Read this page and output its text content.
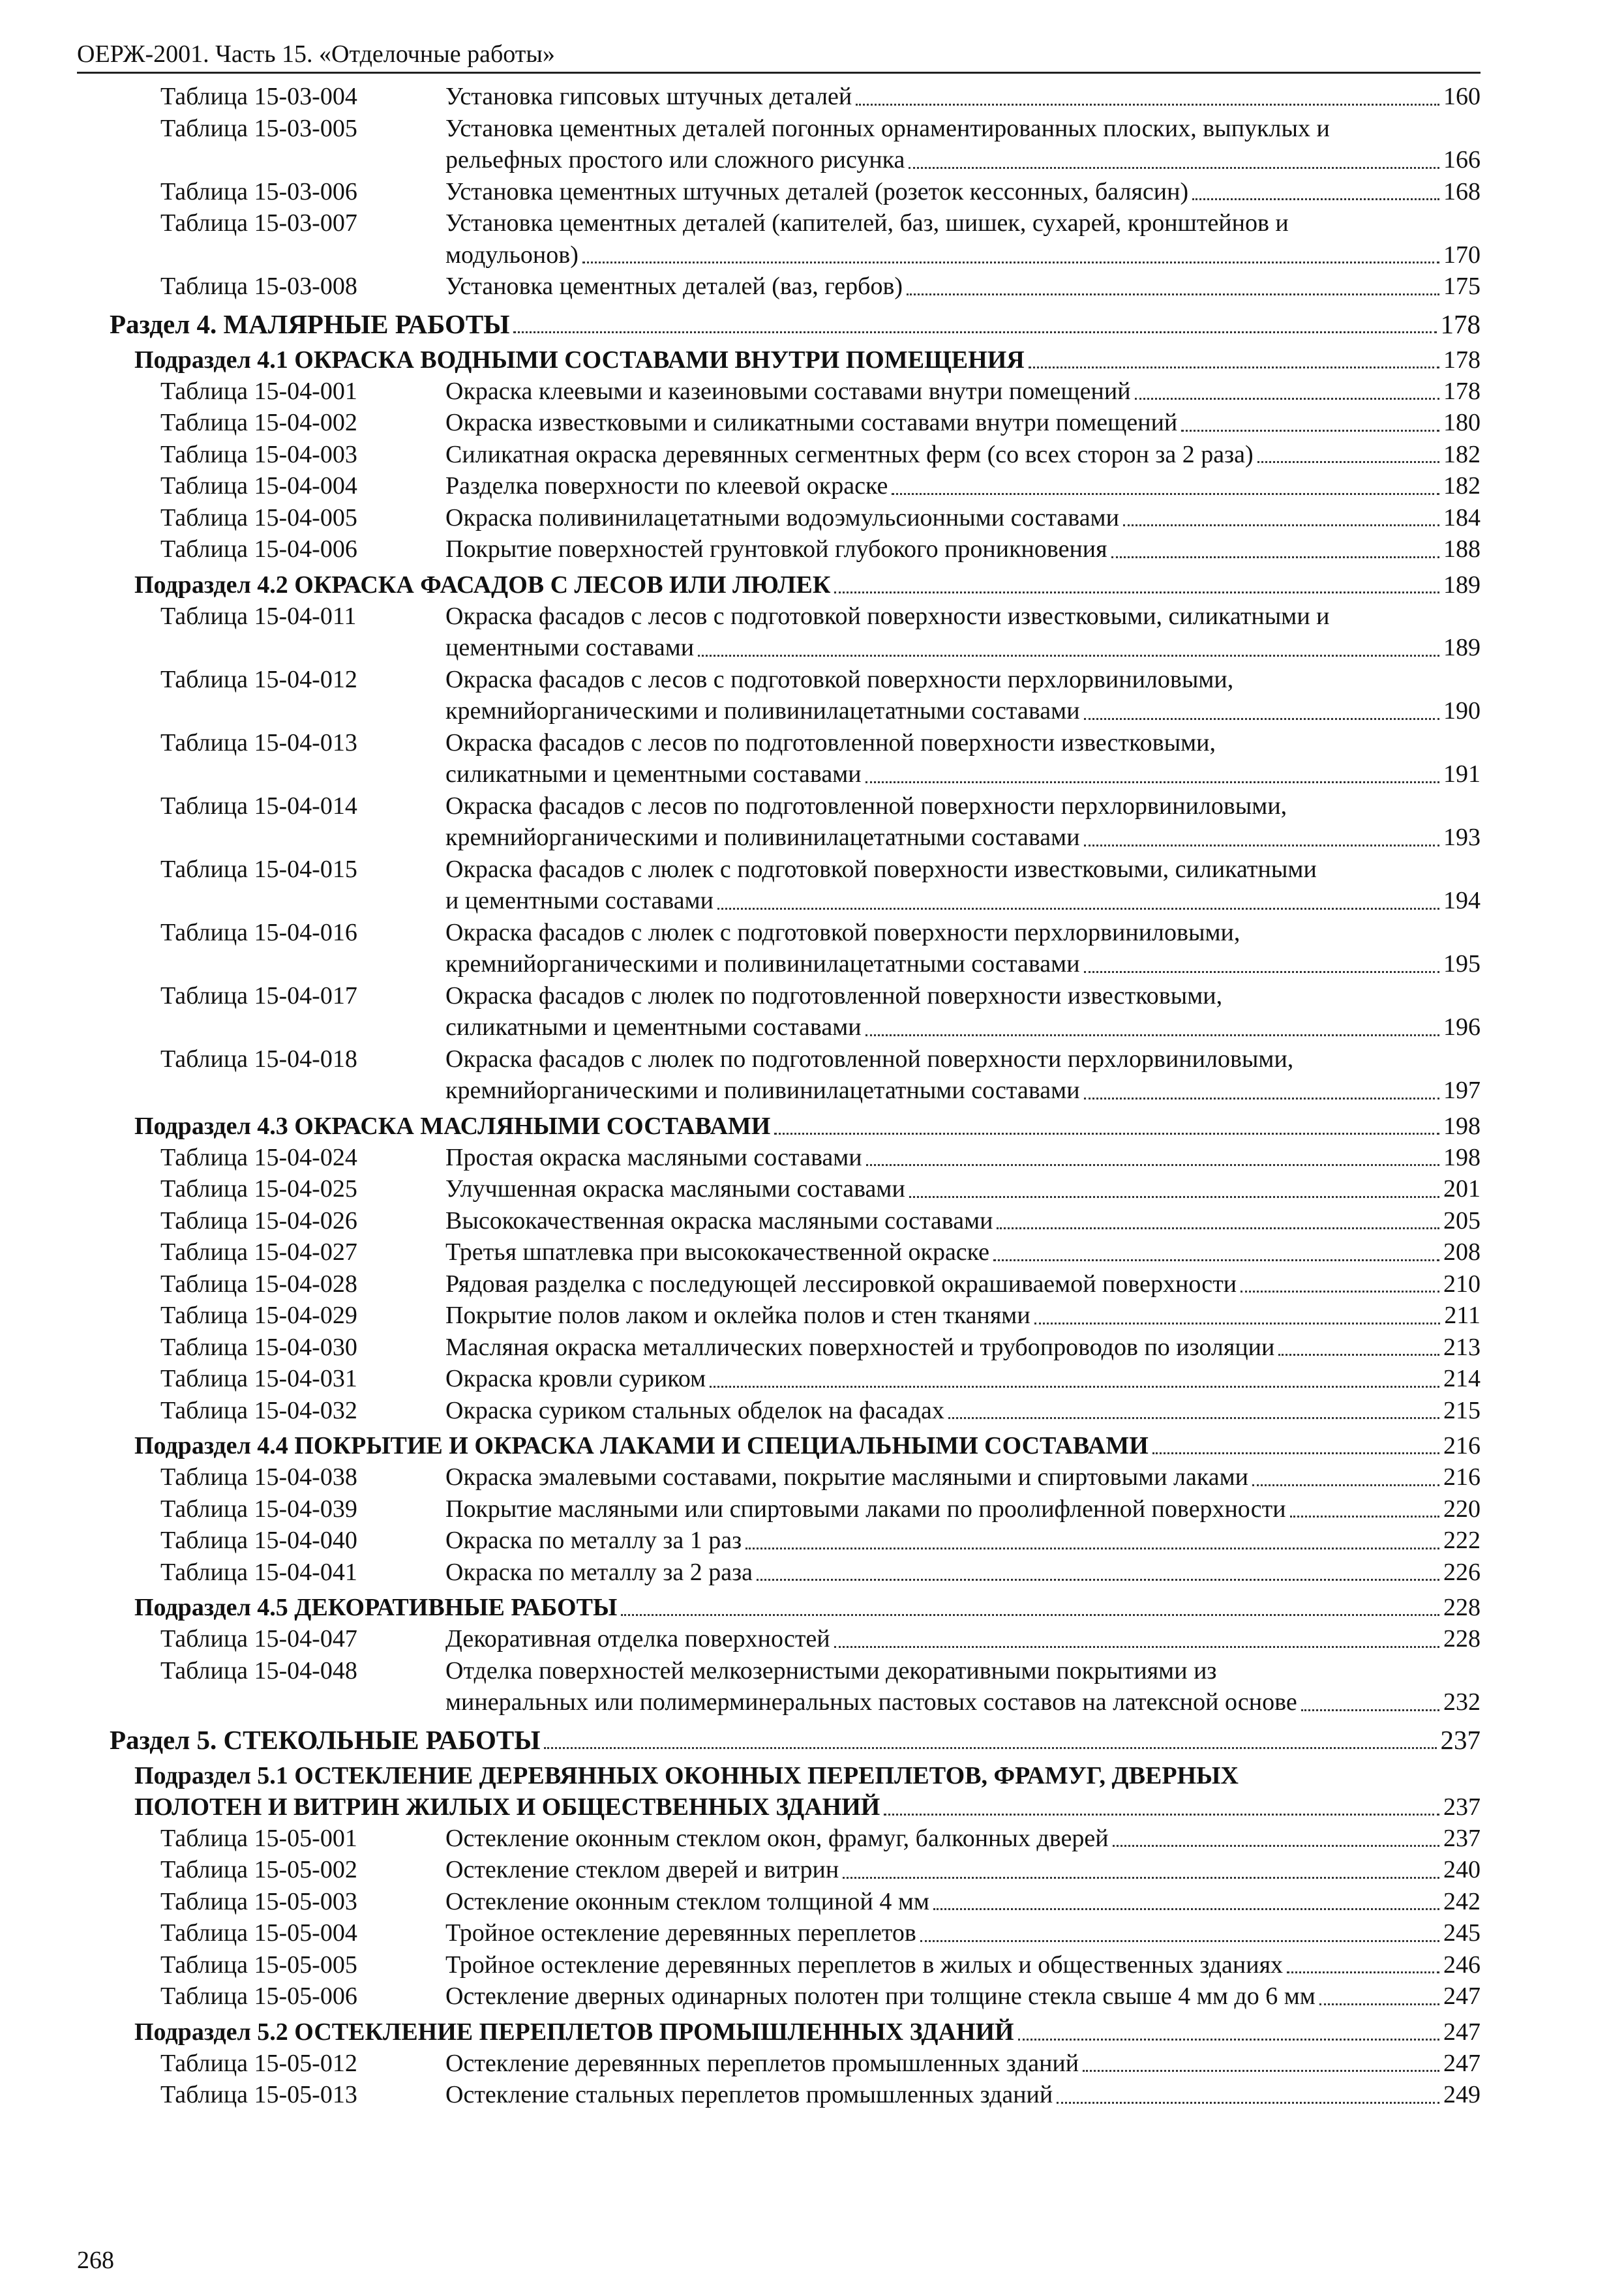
ОЕРЖ-2001. Часть 15. «Отделочные работы»
Таблица 15-03-004	Установка гипсовых штучных деталей	160
Таблица 15-03-005	Установка цементных деталей погонных орнаментированных плоских, выпуклых и
рельефных простого или сложного рисунка	166
Таблица 15-03-006	Установка цементных штучных деталей (розеток кессонных, балясин)	168
Таблица 15-03-007	Установка цементных деталей (капителей, баз, шишек, сухарей, кронштейнов и
модульонов)	170
Таблица 15-03-008	Установка цементных деталей (ваз, гербов)	175
Раздел 4. МАЛЯРНЫЕ РАБОТЫ	178
Подраздел 4.1 ОКРАСКА ВОДНЫМИ СОСТАВАМИ ВНУТРИ ПОМЕЩЕНИЯ	178
Таблица 15-04-001	Окраска клеевыми и казеиновыми составами внутри помещений	178
Таблица 15-04-002	Окраска известковыми и силикатными составами внутри помещений	180
Таблица 15-04-003	Силикатная окраска деревянных сегментных ферм (со всех сторон за 2 раза)	182
Таблица 15-04-004	Разделка поверхности по клеевой окраске	182
Таблица 15-04-005	Окраска поливинилацетатными водоэмульсионными составами	184
Таблица 15-04-006	Покрытие поверхностей грунтовкой глубокого проникновения	188
Подраздел 4.2 ОКРАСКА ФАСАДОВ С ЛЕСОВ ИЛИ ЛЮЛЕК	189
Таблица 15-04-011	Окраска фасадов с лесов с подготовкой поверхности известковыми, силикатными и
цементными составами	189
Таблица 15-04-012	Окраска фасадов с лесов с подготовкой поверхности перхлорвиниловыми,
кремнийорганическими и поливинилацетатными составами	190
Таблица 15-04-013	Окраска фасадов с лесов по подготовленной поверхности известковыми,
силикатными и цементными составами	191
Таблица 15-04-014	Окраска фасадов с лесов по подготовленной поверхности перхлорвиниловыми,
кремнийорганическими и поливинилацетатными составами	193
Таблица 15-04-015	Окраска фасадов с люлек с подготовкой поверхности известковыми, силикатными
и цементными составами	194
Таблица 15-04-016	Окраска фасадов с люлек с подготовкой поверхности перхлорвиниловыми,
кремнийорганическими и поливинилацетатными составами	195
Таблица 15-04-017	Окраска фасадов с люлек по подготовленной поверхности известковыми,
силикатными и цементными составами	196
Таблица 15-04-018	Окраска фасадов с люлек по подготовленной поверхности перхлорвиниловыми,
кремнийорганическими и поливинилацетатными составами	197
Подраздел 4.3 ОКРАСКА МАСЛЯНЫМИ СОСТАВАМИ	198
Таблица 15-04-024	Простая окраска масляными составами	198
Таблица 15-04-025	Улучшенная окраска масляными составами	201
Таблица 15-04-026	Высококачественная окраска масляными составами	205
Таблица 15-04-027	Третья шпатлевка при высококачественной окраске	208
Таблица 15-04-028	Рядовая разделка с последующей лессировкой окрашиваемой поверхности	210
Таблица 15-04-029	Покрытие полов лаком и оклейка полов и стен тканями	211
Таблица 15-04-030	Масляная окраска металлических поверхностей и трубопроводов по изоляции	213
Таблица 15-04-031	Окраска кровли суриком	214
Таблица 15-04-032	Окраска суриком стальных обделок на фасадах	215
Подраздел 4.4 ПОКРЫТИЕ И ОКРАСКА ЛАКАМИ И СПЕЦИАЛЬНЫМИ СОСТАВАМИ	216
Таблица 15-04-038	Окраска эмалевыми составами, покрытие масляными и спиртовыми лаками	216
Таблица 15-04-039	Покрытие масляными или спиртовыми лаками по проолифленной поверхности	220
Таблица 15-04-040	Окраска по металлу за 1 раз	222
Таблица 15-04-041	Окраска по металлу за 2 раза	226
Подраздел 4.5 ДЕКОРАТИВНЫЕ РАБОТЫ	228
Таблица 15-04-047	Декоративная отделка поверхностей	228
Таблица 15-04-048	Отделка поверхностей мелкозернистыми декоративными покрытиями из
минеральных или полимерминеральных пастовых составов на латексной основе	232
Раздел 5. СТЕКОЛЬНЫЕ РАБОТЫ	237
Подраздел 5.1 ОСТЕКЛЕНИЕ ДЕРЕВЯННЫХ ОКОННЫХ ПЕРЕПЛЕТОВ, ФРАМУГ, ДВЕРНЫХ
ПОЛОТЕН И ВИТРИН ЖИЛЫХ И ОБЩЕСТВЕННЫХ ЗДАНИЙ	237
Таблица 15-05-001	Остекление оконным стеклом окон, фрамуг, балконных дверей	237
Таблица 15-05-002	Остекление стеклом дверей и витрин	240
Таблица 15-05-003	Остекление оконным стеклом толщиной 4 мм	242
Таблица 15-05-004	Тройное остекление деревянных переплетов	245
Таблица 15-05-005	Тройное остекление деревянных переплетов в жилых и общественных зданиях	246
Таблица 15-05-006	Остекление дверных одинарных полотен при толщине стекла свыше 4 мм до 6 мм	247
Подраздел 5.2 ОСТЕКЛЕНИЕ ПЕРЕПЛЕТОВ ПРОМЫШЛЕННЫХ ЗДАНИЙ	247
Таблица 15-05-012	Остекление деревянных переплетов промышленных зданий	247
Таблица 15-05-013	Остекление стальных переплетов промышленных зданий	249
268
